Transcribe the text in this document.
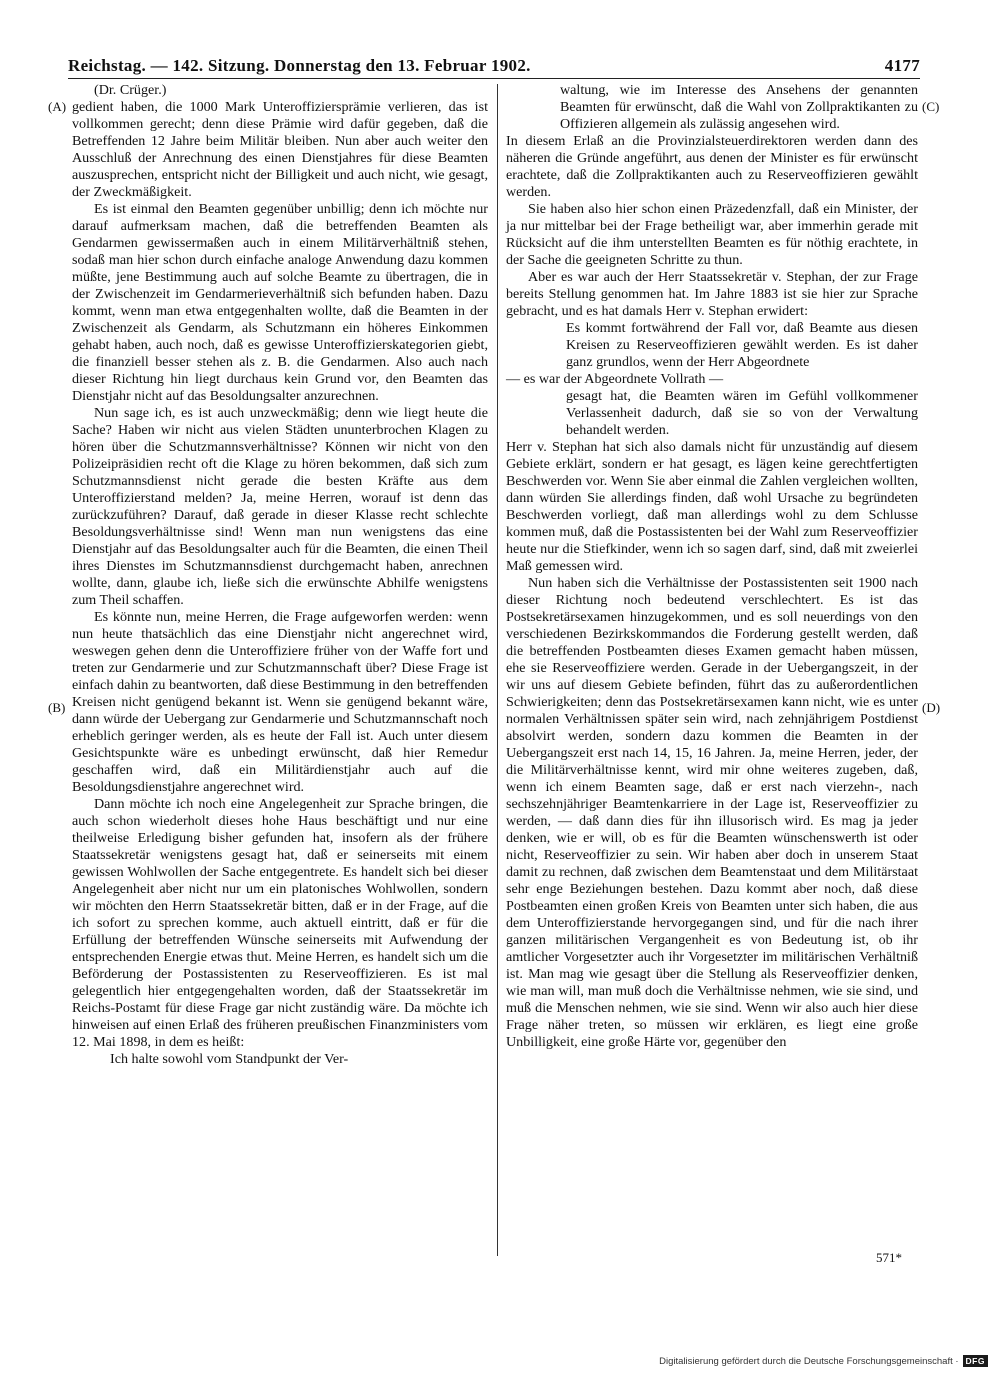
Reichstag. — 142. Sitzung. Donnerstag den 13. Februar 1902.	4177
(A)
(B)
(C)
(D)

(Dr. Crüger.)

gedient haben, die 1000 Mark Unteroffiziersprämie verlieren, das ist vollkommen gerecht; denn diese Prämie wird dafür gegeben, daß die Betreffenden 12 Jahre beim Militär bleiben. Nun aber auch weiter den Ausschluß der Anrechnung des einen Dienstjahres für diese Beamten auszusprechen, entspricht nicht der Billigkeit und auch nicht, wie gesagt, der Zweckmäßigkeit.

Es ist einmal den Beamten gegenüber unbillig; denn ich möchte nur darauf aufmerksam machen, daß die betreffenden Beamten als Gendarmen gewissermaßen auch in einem Militärverhältniß stehen, sodaß man hier schon durch einfache analoge Anwendung dazu kommen müßte, jene Bestimmung auch auf solche Beamte zu übertragen, die in der Zwischenzeit im Gendarmerieverhältniß sich befunden haben. Dazu kommt, wenn man etwa entgegenhalten wollte, daß die Beamten in der Zwischenzeit als Gendarm, als Schutzmann ein höheres Einkommen gehabt haben, auch noch, daß es gewisse Unteroffizierskategorien giebt, die finanziell besser stehen als z. B. die Gendarmen. Also auch nach dieser Richtung hin liegt durchaus kein Grund vor, den Beamten das Dienstjahr nicht auf das Besoldungsalter anzurechnen.

Nun sage ich, es ist auch unzweckmäßig; denn wie liegt heute die Sache? Haben wir nicht aus vielen Städten ununterbrochen Klagen zu hören über die Schutzmannsverhältnisse? Können wir nicht von den Polizeipräsidien recht oft die Klage zu hören bekommen, daß sich zum Schutzmannsdienst nicht gerade die besten Kräfte aus dem Unteroffizierstand melden? Ja, meine Herren, worauf ist denn das zurückzuführen? Darauf, daß gerade in dieser Klasse recht schlechte Besoldungsverhältnisse sind! Wenn man nun wenigstens das eine Dienstjahr auf das Besoldungsalter auch für die Beamten, die einen Theil ihres Dienstes im Schutzmannsdienst durchgemacht haben, anrechnen wollte, dann, glaube ich, ließe sich die erwünschte Abhilfe wenigstens zum Theil schaffen.

Es könnte nun, meine Herren, die Frage aufgeworfen werden: wenn nun heute thatsächlich das eine Dienstjahr nicht angerechnet wird, weswegen gehen denn die Unteroffiziere früher von der Waffe fort und treten zur Gendarmerie und zur Schutzmannschaft über? Diese Frage ist einfach dahin zu beantworten, daß diese Bestimmung in den betreffenden Kreisen nicht genügend bekannt ist. Wenn sie genügend bekannt wäre, dann würde der Uebergang zur Gendarmerie und Schutzmannschaft noch erheblich geringer werden, als es heute der Fall ist. Auch unter diesem Gesichtspunkte wäre es unbedingt erwünscht, daß hier Remedur geschaffen wird, daß ein Militärdienstjahr auch auf die Besoldungsdienstjahre angerechnet wird.

Dann möchte ich noch eine Angelegenheit zur Sprache bringen, die auch schon wiederholt dieses hohe Haus beschäftigt und nur eine theilweise Erledigung bisher gefunden hat, insofern als der frühere Staatssekretär wenigstens gesagt hat, daß er seinerseits mit einem gewissen Wohlwollen der Sache entgegentrete. Es handelt sich bei dieser Angelegenheit aber nicht nur um ein platonisches Wohlwollen, sondern wir möchten den Herrn Staatssekretär bitten, daß er in der Frage, auf die ich sofort zu sprechen komme, auch aktuell eintritt, daß er für die Erfüllung der betreffenden Wünsche seinerseits mit Aufwendung der entsprechenden Energie etwas thut. Meine Herren, es handelt sich um die Beförderung der Postassistenten zu Reserveoffizieren. Es ist mal gelegentlich hier entgegengehalten worden, daß der Staatssekretär im Reichs-Postamt für diese Frage gar nicht zuständig wäre. Da möchte ich hinweisen auf einen Erlaß des früheren preußischen Finanzministers vom 12. Mai 1898, in dem es heißt:

Ich halte sowohl vom Standpunkt der Ver-

waltung, wie im Interesse des Ansehens der genannten Beamten für erwünscht, daß die Wahl von Zollpraktikanten zu Offizieren allgemein als zulässig angesehen wird.

In diesem Erlaß an die Provinzialsteuerdirektoren werden dann des näheren die Gründe angeführt, aus denen der Minister es für erwünscht erachtete, daß die Zollpraktikanten auch zu Reserveoffizieren gewählt werden.

Sie haben also hier schon einen Präzedenzfall, daß ein Minister, der ja nur mittelbar bei der Frage betheiligt war, aber immerhin gerade mit Rücksicht auf die ihm unterstellten Beamten es für nöthig erachtete, in der Sache die geeigneten Schritte zu thun.

Aber es war auch der Herr Staatssekretär v. Stephan, der zur Frage bereits Stellung genommen hat. Im Jahre 1883 ist sie hier zur Sprache gebracht, und es hat damals Herr v. Stephan erwidert:

Es kommt fortwährend der Fall vor, daß Beamte aus diesen Kreisen zu Reserveoffizieren gewählt werden. Es ist daher ganz grundlos, wenn der Herr Abgeordnete

— es war der Abgeordnete Vollrath —

gesagt hat, die Beamten wären im Gefühl vollkommener Verlassenheit dadurch, daß sie so von der Verwaltung behandelt werden.

Herr v. Stephan hat sich also damals nicht für unzuständig auf diesem Gebiete erklärt, sondern er hat gesagt, es lägen keine gerechtfertigten Beschwerden vor. Wenn Sie aber einmal die Zahlen vergleichen wollten, dann würden Sie allerdings finden, daß wohl Ursache zu begründeten Beschwerden vorliegt, daß man allerdings wohl zu dem Schlusse kommen muß, daß die Postassistenten bei der Wahl zum Reserveoffizier heute nur die Stiefkinder, wenn ich so sagen darf, sind, daß mit zweierlei Maß gemessen wird.

Nun haben sich die Verhältnisse der Postassistenten seit 1900 nach dieser Richtung noch bedeutend verschlechtert. Es ist das Postsekretärsexamen hinzugekommen, und es soll neuerdings von den verschiedenen Bezirkskommandos die Forderung gestellt werden, daß die betreffenden Postbeamten dieses Examen gemacht haben müssen, ehe sie Reserveoffiziere werden. Gerade in der Uebergangszeit, in der wir uns auf diesem Gebiete befinden, führt das zu außerordentlichen Schwierigkeiten; denn das Postsekretärsexamen kann nicht, wie es unter normalen Verhältnissen später sein wird, nach zehnjährigem Postdienst absolvirt werden, sondern dazu kommen die Beamten in der Uebergangszeit erst nach 14, 15, 16 Jahren. Ja, meine Herren, jeder, der die Militärverhältnisse kennt, wird mir ohne weiteres zugeben, daß, wenn ich einem Beamten sage, daß er erst nach vierzehn-, nach sechszehnjähriger Beamtenkarriere in der Lage ist, Reserveoffizier zu werden, — daß dann dies für ihn illusorisch wird. Es mag ja jeder denken, wie er will, ob es für die Beamten wünschenswerth ist oder nicht, Reserveoffizier zu sein. Wir haben aber doch in unserem Staat damit zu rechnen, daß zwischen dem Beamtenstaat und dem Militärstaat sehr enge Beziehungen bestehen. Dazu kommt aber noch, daß diese Postbeamten einen großen Kreis von Beamten unter sich haben, die aus dem Unteroffizierstande hervorgegangen sind, und für die nach ihrer ganzen militärischen Vergangenheit es von Bedeutung ist, ob ihr amtlicher Vorgesetzter auch ihr Vorgesetzter im militärischen Verhältniß ist. Man mag wie gesagt über die Stellung als Reserveoffizier denken, wie man will, man muß doch die Verhältnisse nehmen, wie sie sind, und muß die Menschen nehmen, wie sie sind. Wenn wir also auch hier diese Frage näher treten, so müssen wir erklären, es liegt eine große Unbilligkeit, eine große Härte vor, gegenüber den

571*
Digitalisierung gefördert durch die Deutsche Forschungsgemeinschaft · DFG
